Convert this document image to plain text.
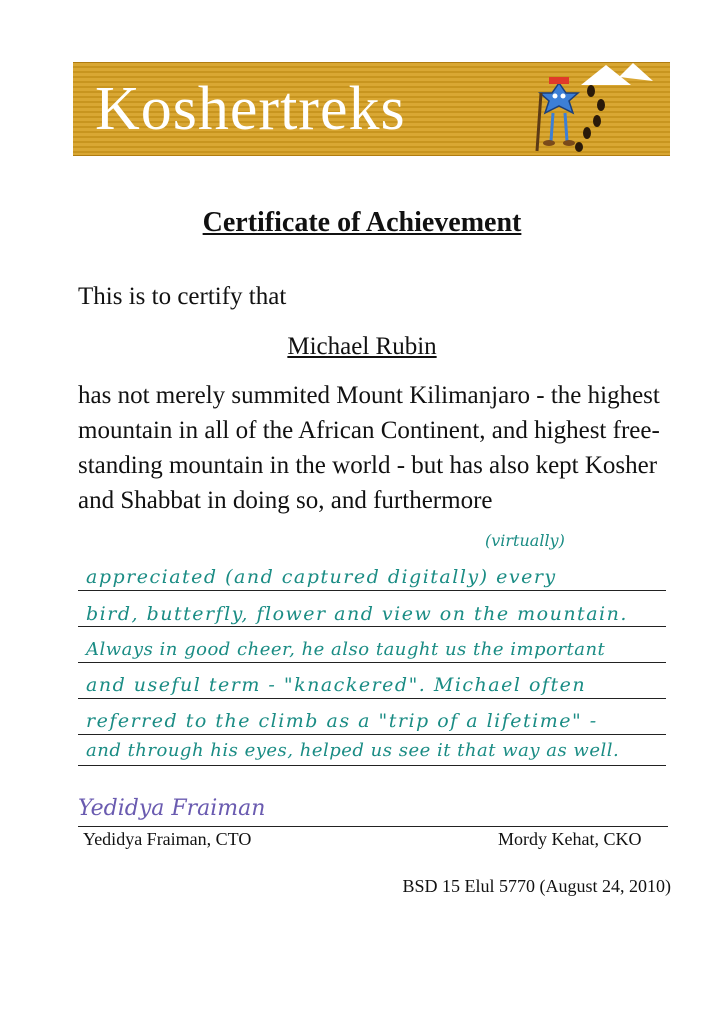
Koshertreks
Certificate of Achievement
This is to certify that
Michael Rubin
has not merely summited Mount Kilimanjaro - the highest mountain in all of the African Continent, and highest free-standing mountain in the world - but has also kept Kosher and Shabbat in doing so, and furthermore
(virtually)
appreciated (and captured digitally) every
bird, butterfly, flower and view on the mountain.
Always in good cheer, he also taught us the important
and useful term - "knackered". Michael often
referred to the climb as a "trip of a lifetime" -
and through his eyes, helped us see it that way as well.
Yedidya Fraiman
Yedidya Fraiman, CTO	Mordy Kehat, CKO
BSD 15 Elul 5770 (August 24, 2010)
